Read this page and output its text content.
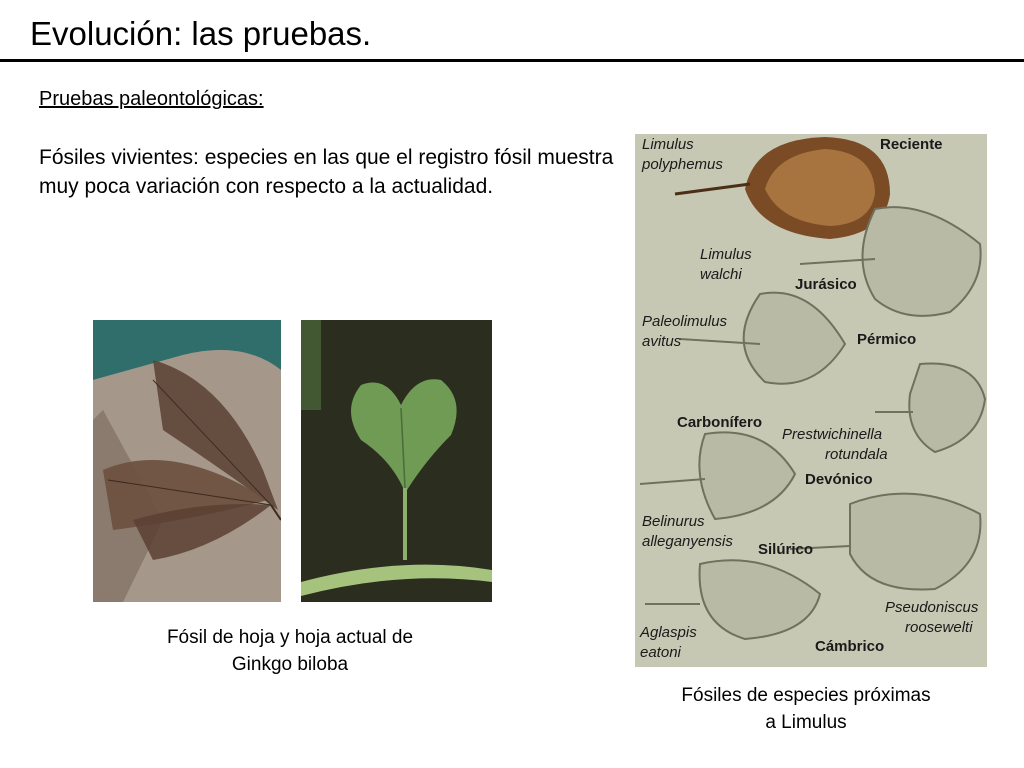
Evolución: las pruebas.
Pruebas paleontológicas:
Fósiles vivientes: especies en las que el registro fósil muestra muy poca variación con respecto a la actualidad.
Fósil de hoja y hoja actual de
Ginkgo biloba
Limulus
polyphemus
Limulus
walchi
Paleolimulus
avitus
Prestwichinella
rotundala
Belinurus
alleganyensis
Pseudoniscus
roosewelti
Aglaspis
eatoni
Reciente
Jurásico
Pérmico
Carbonífero
Devónico
Silúrico
Cámbrico
Fósiles de especies próximas
a Limulus
